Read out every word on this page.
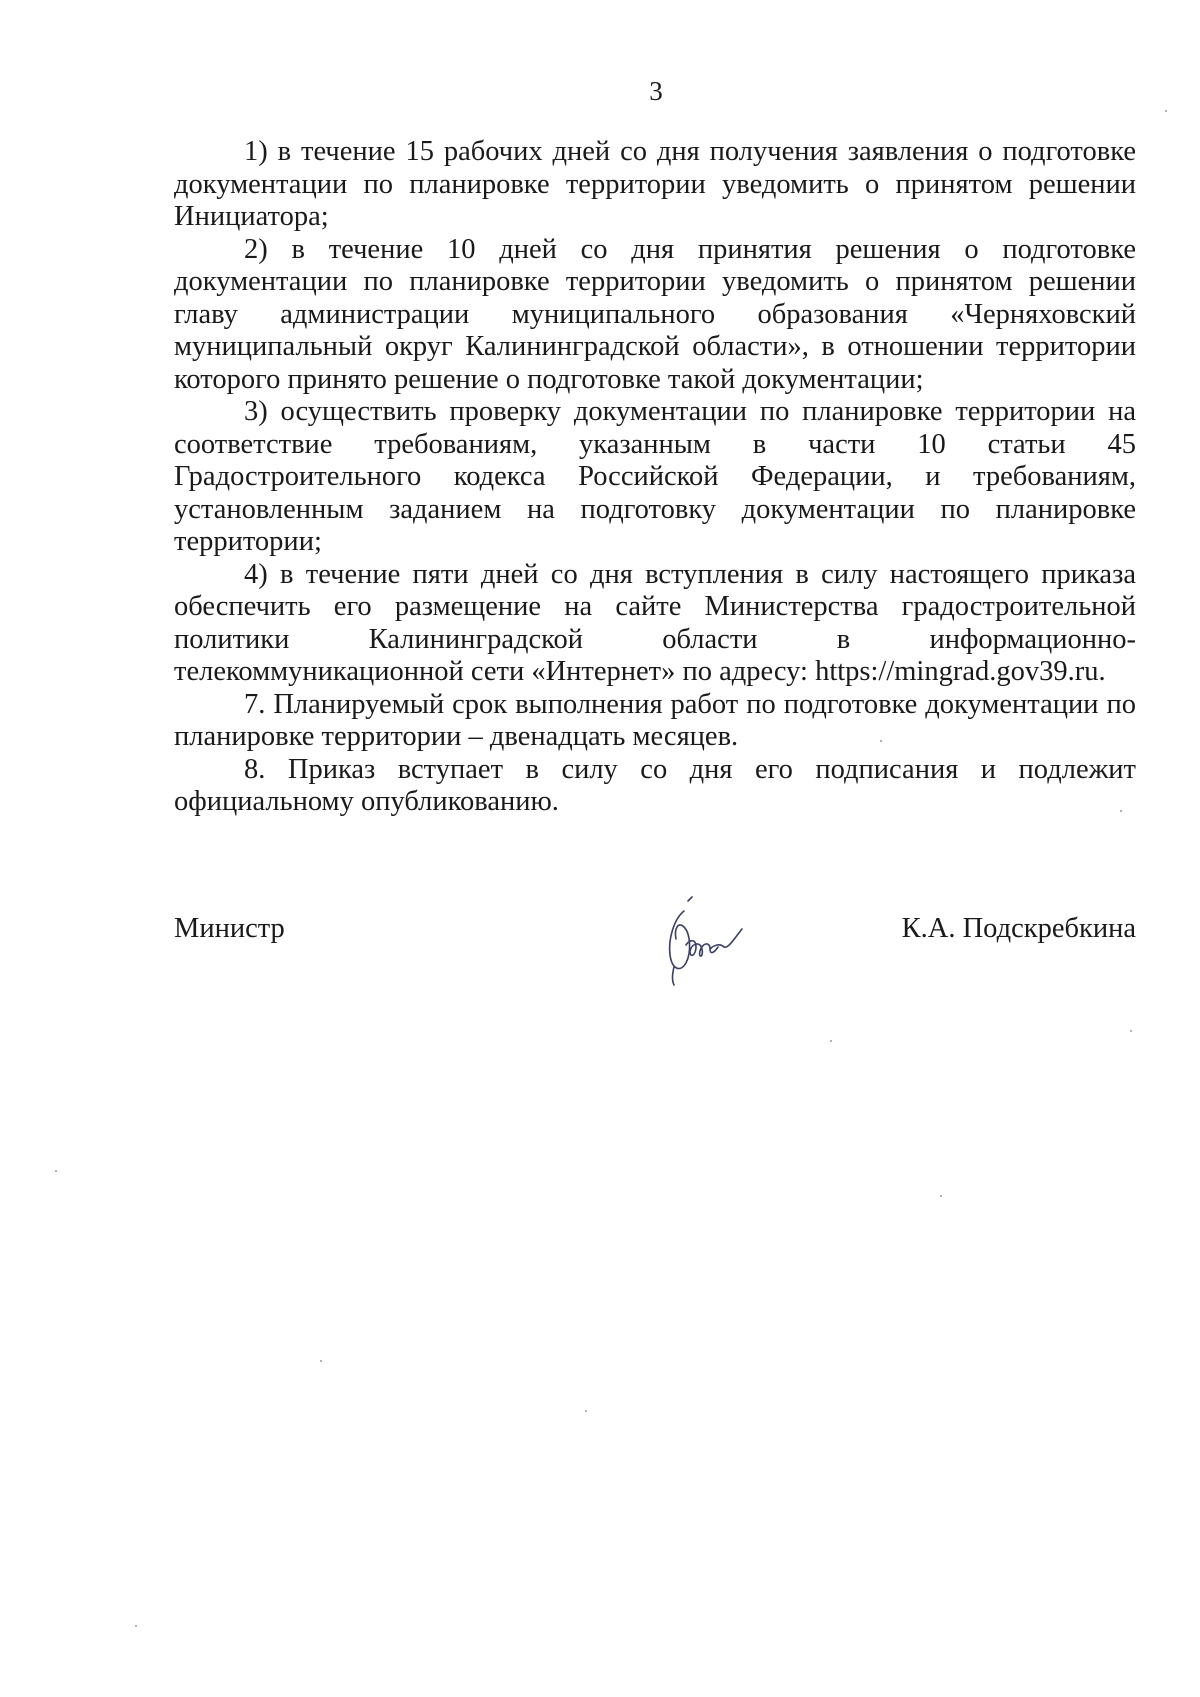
3

1) в течение 15 рабочих дней со дня получения заявления о подготовке документации по планировке территории уведомить о принятом решении Инициатора;

2) в течение 10 дней со дня принятия решения о подготовке документации по планировке территории уведомить о принятом решении главу администрации муниципального образования «Черняховский муниципальный округ Калининградской области», в отношении территории которого принято решение о подготовке такой документации;

3) осуществить проверку документации по планировке территории на соответствие требованиям, указанным в части 10 статьи 45 Градостроительного кодекса Российской Федерации, и требованиям, установленным заданием на подготовку документации по планировке территории;

4) в течение пяти дней со дня вступления в силу настоящего приказа обеспечить его размещение на сайте Министерства градостроительной политики Калининградской области в информационно-телекоммуникационной сети «Интернет» по адресу: https://mingrad.gov39.ru.

7. Планируемый срок выполнения работ по подготовке документации по планировке территории – двенадцать месяцев.

8. Приказ вступает в силу со дня его подписания и подлежит официальному опубликованию.

Министр	К.А. Подскребкина
